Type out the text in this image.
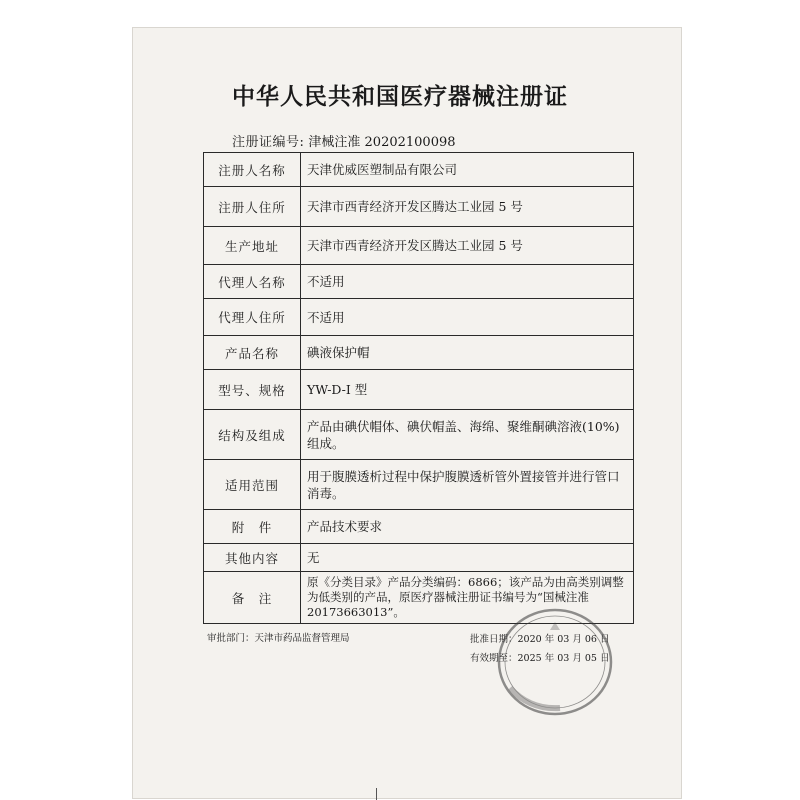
中华人民共和国医疗器械注册证
注册证编号: 津械注准 20202100098
注册人名称	天津优威医塑制品有限公司
注册人住所	天津市西青经济开发区腾达工业园 5 号
生产地址	天津市西青经济开发区腾达工业园 5 号
代理人名称	不适用
代理人住所	不适用
产品名称	碘液保护帽
型号、规格	YW-D-I 型
结构及组成	产品由碘伏帽体、碘伏帽盖、海绵、聚维酮碘溶液(10%)组成。
适用范围	用于腹膜透析过程中保护腹膜透析管外置接管并进行管口消毒。
附　件	产品技术要求
其他内容	无
备　注	原《分类目录》产品分类编码：6866；该产品为由高类别调整为低类别的产品，原医疗器械注册证书编号为“国械注准 20173663013”。
审批部门：天津市药品监督管理局	批准日期：2020 年 03 月 06 日
有效期至：2025 年 03 月 05 日
